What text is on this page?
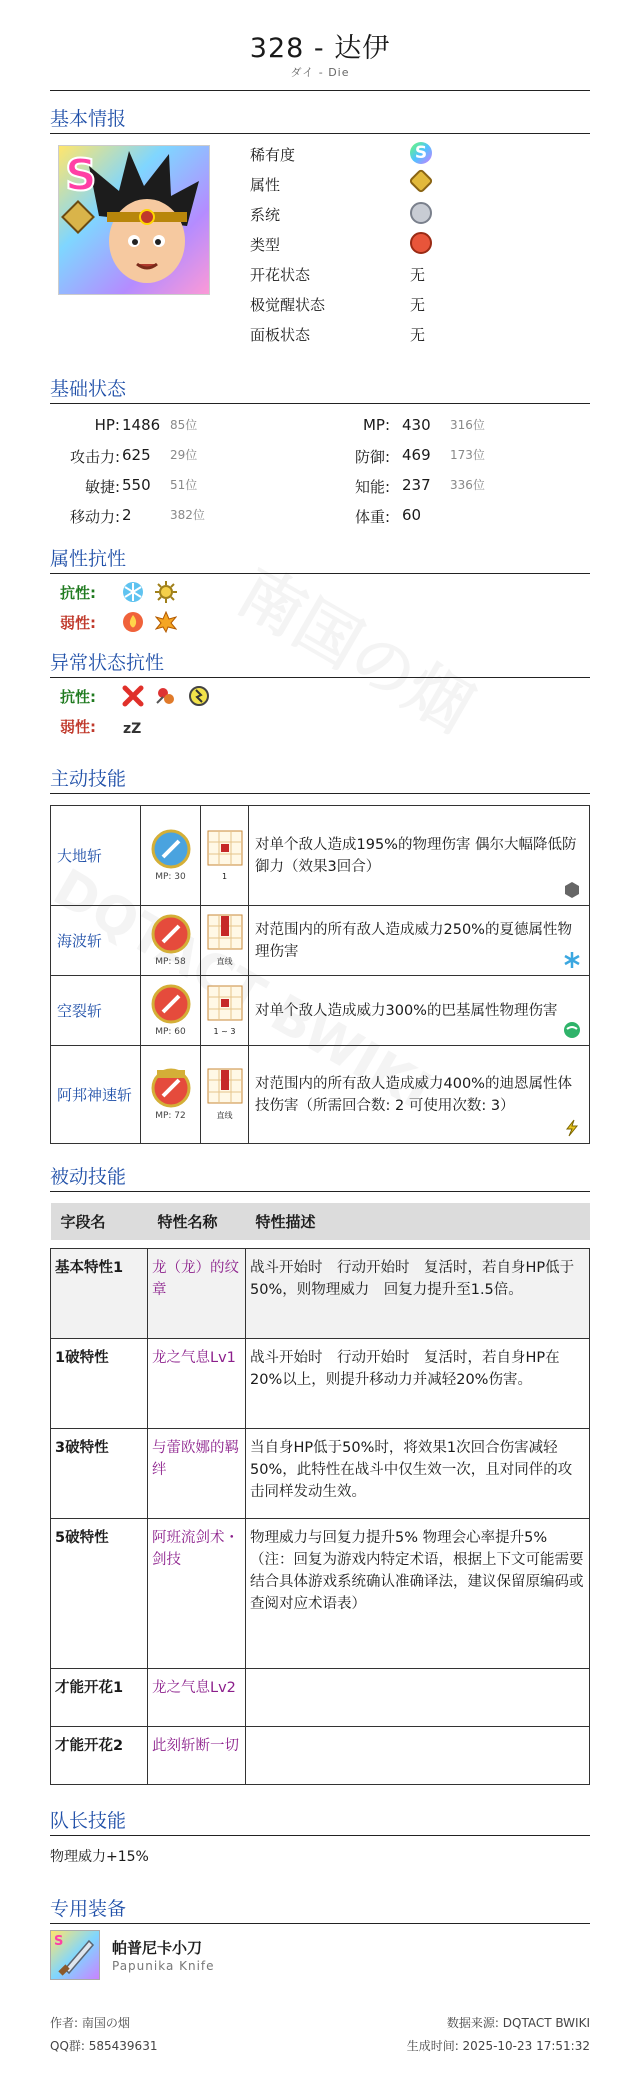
328 - 达伊
ダイ - Die
基本情报
S	稀有度	S
属性
系统
类型
开花状态	无
极觉醒状态	无
面板状态	无
基础状态
HP: 1486 85位
攻击力: 625 29位
敏捷: 550 51位
移动力: 2	382位
MP: 430 316位
防御: 469 173位
知能: 237 336位
体重: 60
属性抗性
抗性:
弱性:
异常状态抗性
抗性:
弱性: zZ
主动技能
大地斩	MP: 30	1	对单个敌人造成195%的物理伤害 偶尔大幅降低防御力（效果3回合）

海波斩	MP: 58	直线	对范围内的所有敌人造成威力250%的夏德属性物理伤害

空裂斩	MP: 60	1 ~ 3	对单个敌人造成威力300%的巴基属性物理伤害

阿邦神速斩	MP: 72	直线	对范围内的所有敌人造成威力400%的迪恩属性体技伤害（所需回合数: 2 可使用次数: 3）
被动技能
字段名	特性名称	特性描述

基本特性1	龙（龙）的纹章	战斗开始时　行动开始时　复活时，若自身HP低于50%，则物理威力　回复力提升至1.5倍。
1破特性	龙之气息Lv1	战斗开始时　行动开始时　复活时，若自身HP在20%以上，则提升移动力并减轻20%伤害。
3破特性	与蕾欧娜的羁绊	当自身HP低于50%时，将效果1次回合伤害减轻50%，此特性在战斗中仅生效一次，且对同伴的攻击同样发动生效。
5破特性	阿班流剑术・剑技	物理威力与回复力提升5% 物理会心率提升5%（注：回复为游戏内特定术语，根据上下文可能需要结合具体游戏系统确认准确译法，建议保留原编码或查阅对应术语表）
才能开花1	龙之气息Lv2	
才能开花2	此刻斩断一切	
队长技能
物理威力+15%
专用装备
S	帕普尼卡小刀
Papunika Knife
作者: 南国の烟
QQ群: 585439631
数据来源: DQTACT BWIKI
生成时间: 2025-10-23 17:51:32
